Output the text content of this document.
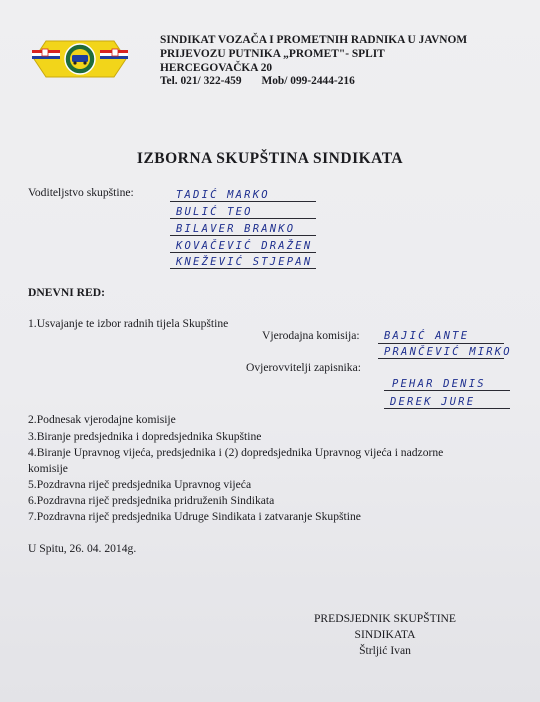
SINDIKAT VOZAČA I PROMETNIH RADNIKA U JAVNOM
PRIJEVOZU PUTNIKA „PROMET"- SPLIT
HERCEGOVAČKA 20
Tel. 021/ 322-459       Mob/ 099-2444-216
IZBORNA SKUPŠTINA SINDIKATA
Voditeljstvo skupštine:	TADIĆ MARKO
BULIĆ TEO
BILAVER BRANKO
KOVAČEVIĆ DRAŽEN
KNEŽEVIĆ STJEPAN
DNEVNI RED:
1.Usvajanje te izbor radnih tijela Skupštine
Vjerodajna komisija: BAJIĆ ANTE
PRANČEVIĆ MIRKO
Ovjerovvitelji zapisnika:
PEHAR DENIS
DEREK JURE
2.Podnesak vjerodajne komisije
3.Biranje predsjednika i dopredsjednika Skupštine
4.Biranje Upravnog vijeća, predsjednika i (2) dopredsjednika Upravnog vijeća i nadzorne
komisije
5.Pozdravna riječ predsjednika Upravnog vijeća
6.Pozdravna riječ predsjednika pridruženih Sindikata
7.Pozdravna riječ predsjednika Udruge Sindikata i zatvaranje Skupštine
U Spitu, 26. 04. 2014g.
PREDSJEDNIK SKUPŠTINE
SINDIKATA
Štrljić Ivan
